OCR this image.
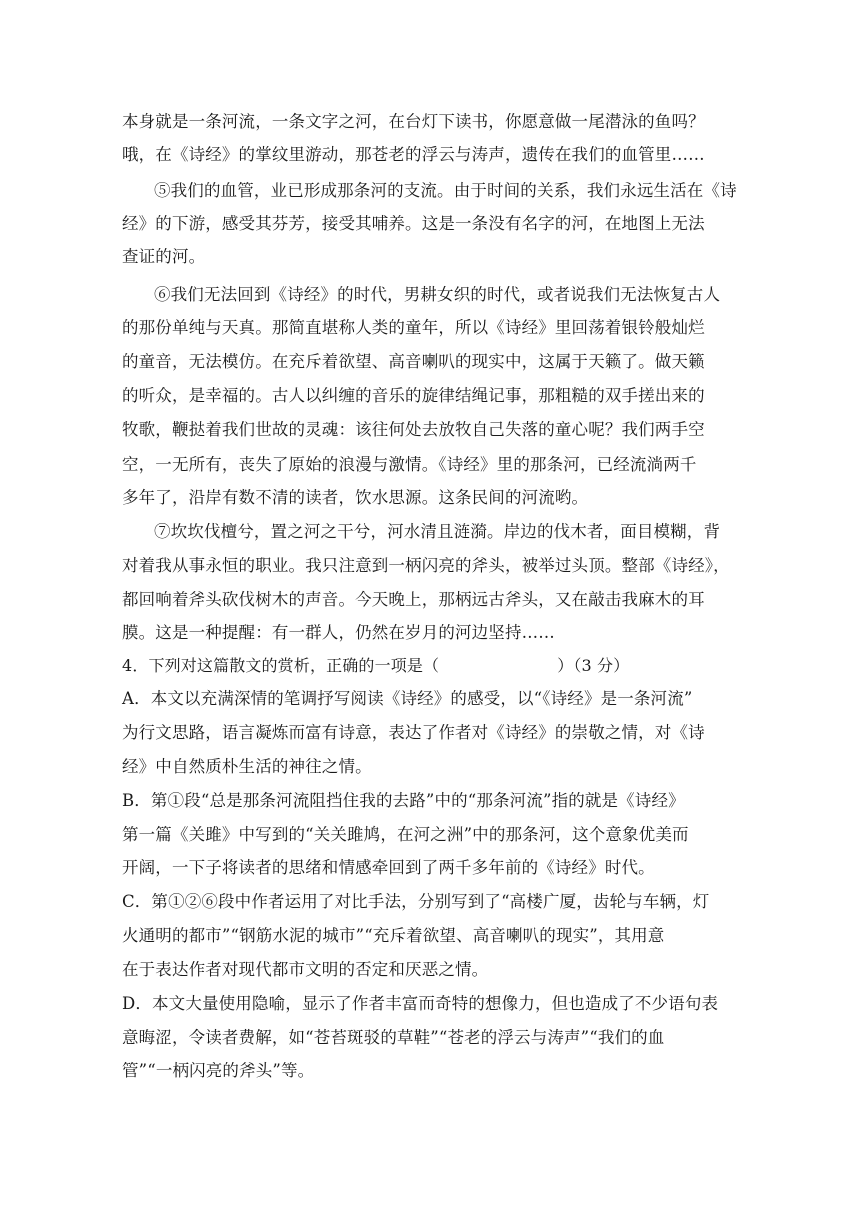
本身就是一条河流，一条文字之河，在台灯下读书，你愿意做一尾潜泳的鱼吗？
哦，在《诗经》的掌纹里游动，那苍老的浮云与涛声，遗传在我们的血管里……
⑤我们的血管，业已形成那条河的支流。由于时间的关系，我们永远生活在《诗
经》的下游，感受其芬芳，接受其哺养。这是一条没有名字的河，在地图上无法
查证的河。
⑥我们无法回到《诗经》的时代，男耕女织的时代，或者说我们无法恢复古人
的那份单纯与天真。那简直堪称人类的童年，所以《诗经》里回荡着银铃般灿烂
的童音，无法模仿。在充斥着欲望、高音喇叭的现实中，这属于天籁了。做天籁
的听众，是幸福的。古人以纠缠的音乐的旋律结绳记事，那粗糙的双手搓出来的
牧歌，鞭挞着我们世故的灵魂：该往何处去放牧自己失落的童心呢？我们两手空
空，一无所有，丧失了原始的浪漫与激情。《诗经》里的那条河，已经流淌两千
多年了，沿岸有数不清的读者，饮水思源。这条民间的河流哟。
⑦坎坎伐檀兮，置之河之干兮，河水清且涟漪。岸边的伐木者，面目模糊，背
对着我从事永恒的职业。我只注意到一柄闪亮的斧头，被举过头顶。整部《诗经》，
都回响着斧头砍伐树木的声音。今天晚上，那柄远古斧头，又在敲击我麻木的耳
膜。这是一种提醒：有一群人，仍然在岁月的河边坚持……
4．下列对这篇散文的赏析，正确的一项是（	）（3 分）
A．本文以充满深情的笔调抒写阅读《诗经》的感受，以“《诗经》是一条河流”
为行文思路，语言凝炼而富有诗意，表达了作者对《诗经》的崇敬之情，对《诗
经》中自然质朴生活的神往之情。
B．第①段“总是那条河流阻挡住我的去路”中的“那条河流”指的就是《诗经》
第一篇《关雎》中写到的“关关雎鸠，在河之洲”中的那条河，这个意象优美而
开阔，一下子将读者的思绪和情感牵回到了两千多年前的《诗经》时代。
C．第①②⑥段中作者运用了对比手法，分别写到了“高楼广厦，齿轮与车辆，灯
火通明的都市”“钢筋水泥的城市”“充斥着欲望、高音喇叭的现实”，其用意
在于表达作者对现代都市文明的否定和厌恶之情。
D．本文大量使用隐喻，显示了作者丰富而奇特的想像力，但也造成了不少语句表
意晦涩，令读者费解，如“苍苔斑驳的草鞋”“苍老的浮云与涛声”“我们的血
管”“一柄闪亮的斧头”等。
